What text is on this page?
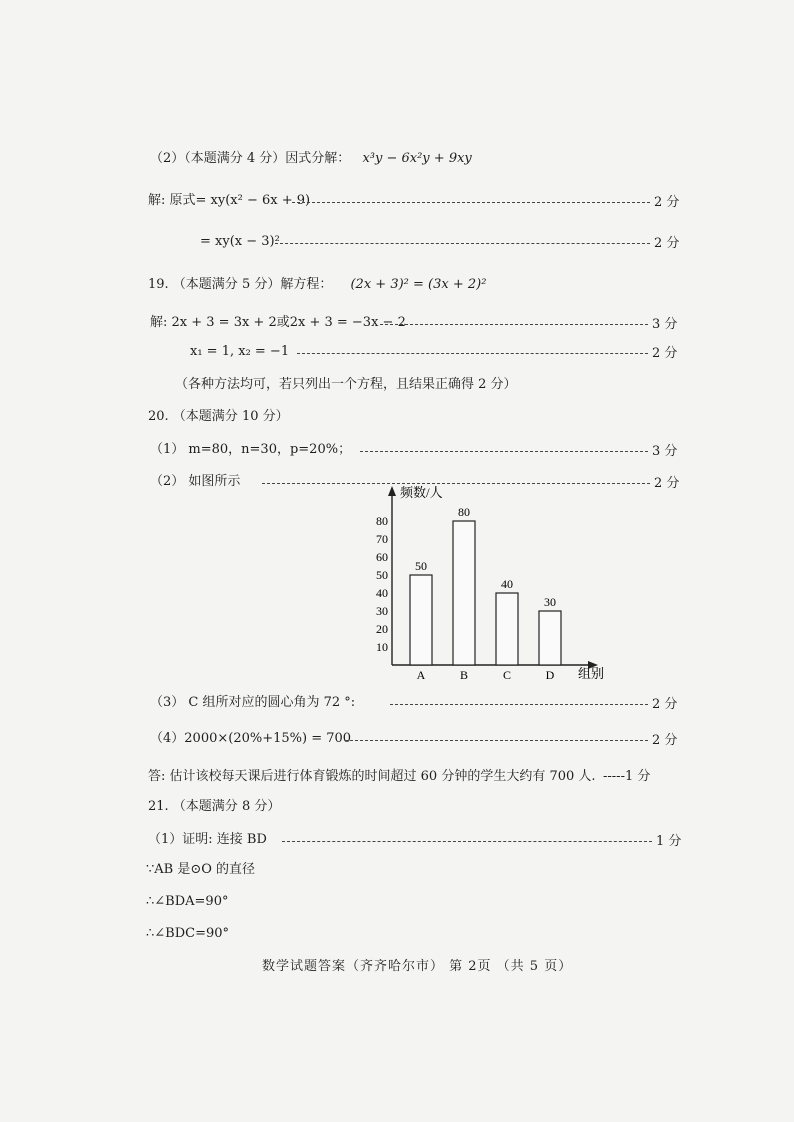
（2）（本题满分 4 分）因式分解： x³y − 6x²y + 9xy
解: 原式= xy(x² − 6x + 9)	2 分
= xy(x − 3)²	2 分
19. （本题满分 5 分）解方程： (2x + 3)² = (3x + 2)²
解: 2x + 3 = 3x + 2或2x + 3 = −3x − 2	3 分
x₁ = 1, x₂ = −1	2 分
（各种方法均可，若只列出一个方程，且结果正确得 2 分）
20. （本题满分 10 分）
（1） m=80，n=30，p=20%；	3 分
（2） 如图所示	2 分
频数/人
组别
10
20
30
40
50
60
70
80
50
A
80
B
40
C
30
D
（3） C 组所对应的圆心角为 72 °:	2 分
（4）2000×(20%+15%) = 700	2 分
答: 估计该校每天课后进行体育锻炼的时间超过 60 分钟的学生大约有 700 人. -----1 分
21. （本题满分 8 分）
（1）证明: 连接 BD	1 分
∵AB 是⊙O 的直径
∴∠BDA=90°
∴∠BDC=90°
数学试题答案（齐齐哈尔市） 第 2页 （共 5 页）
